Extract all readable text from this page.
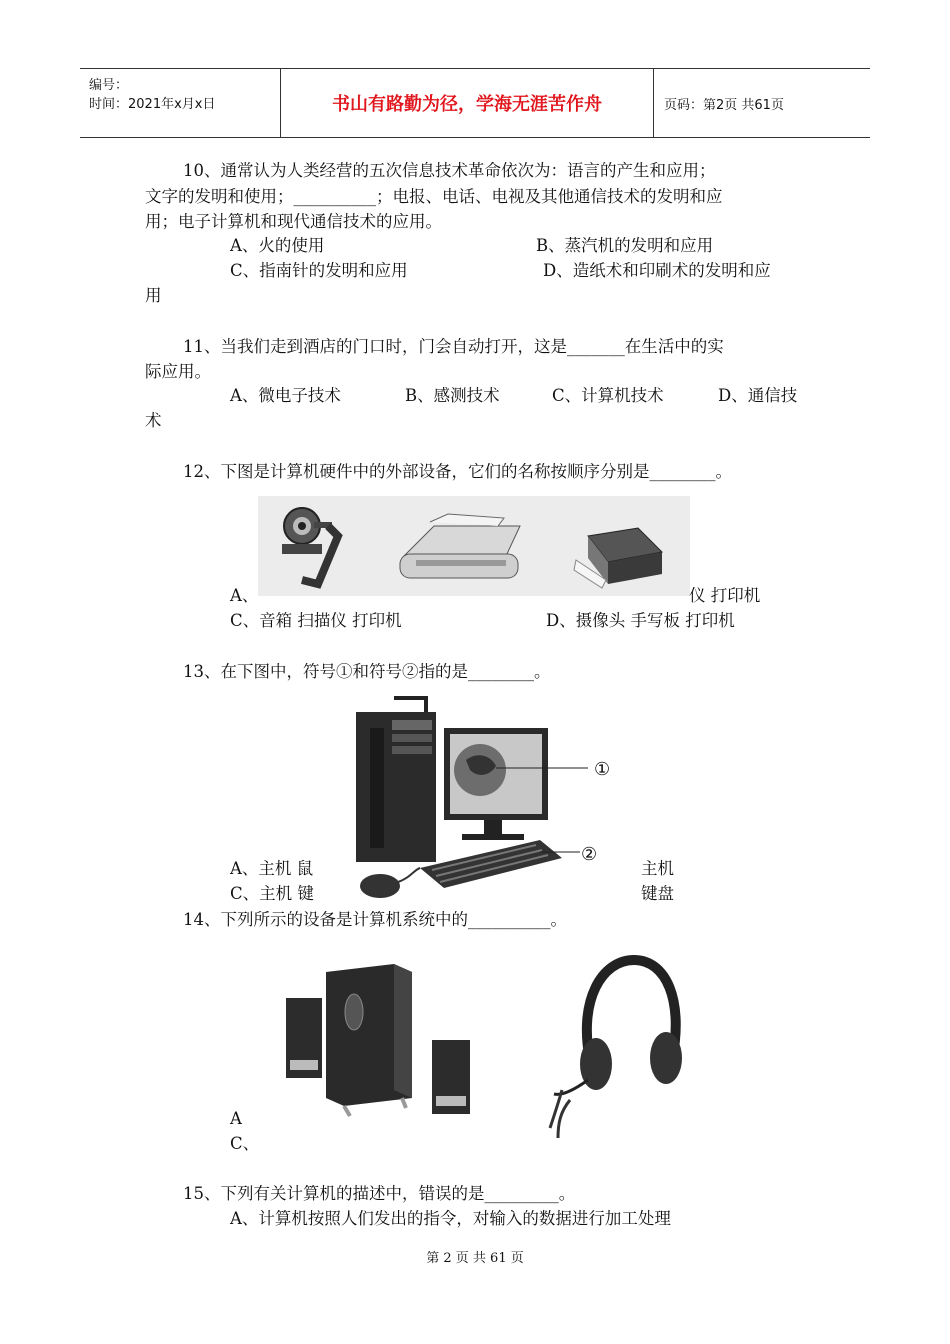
编号：
时间：2021年x月x日	书山有路勤为径，学海无涯苦作舟	页码：第2页 共61页
10、通常认为人类经营的五次信息技术革命依次为：语言的产生和应用；
文字的发明和使用；__________；电报、电话、电视及其他通信技术的发明和应
用；电子计算机和现代通信技术的应用。
A、火的使用	B、蒸汽机的发明和应用
C、指南针的发明和应用	D、造纸术和印刷术的发明和应
用
11、当我们走到酒店的门口时，门会自动打开，这是_______在生活中的实
际应用。
A、微电子技术	B、感测技术	C、计算机技术	D、通信技
术
12、下图是计算机硬件中的外部设备，它们的名称按顺序分别是________。
A、	仪 打印机
C、音箱 扫描仪 打印机	D、摄像头 手写板 打印机
13、在下图中，符号①和符号②指的是________。
①
②
A、主机 鼠	主机
C、主机 键	键盘
14、下列所示的设备是计算机系统中的__________。
A
C、
15、下列有关计算机的描述中，错误的是_________。
A、计算机按照人们发出的指令，对输入的数据进行加工处理
第 2 页 共 61 页
